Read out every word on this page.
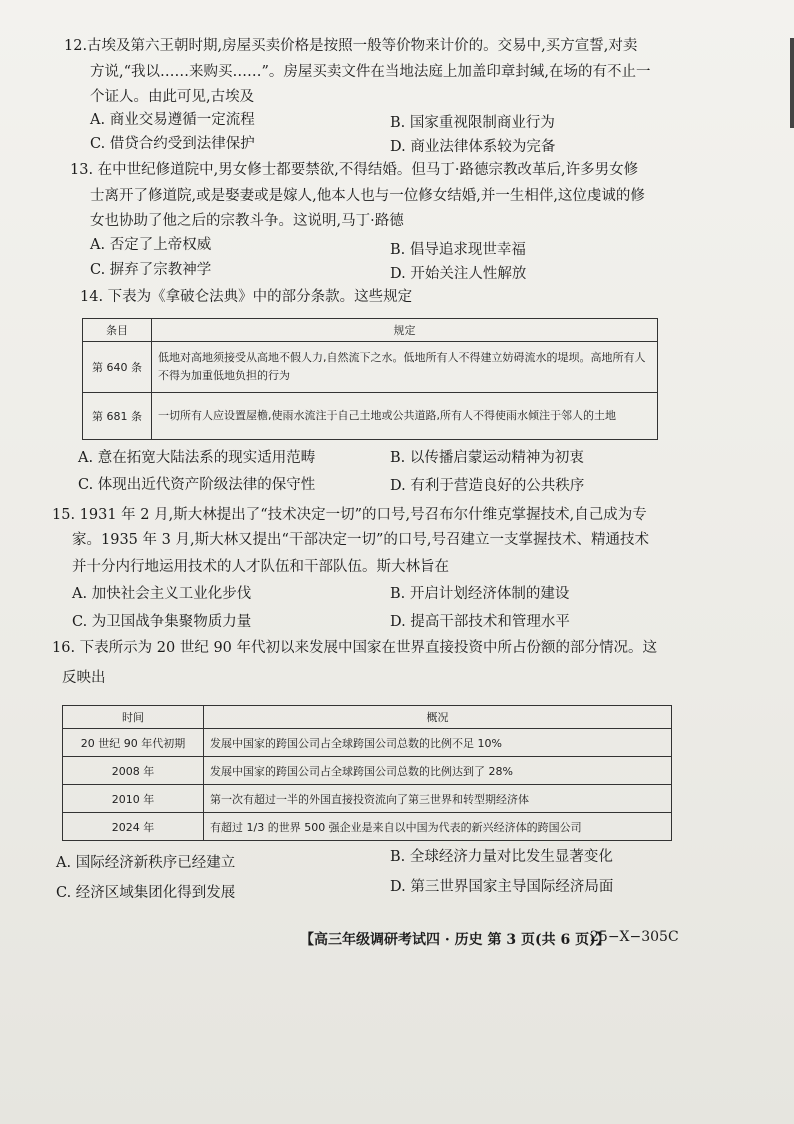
12.古埃及第六王朝时期,房屋买卖价格是按照一般等价物来计价的。交易中,买方宣誓,对卖
方说,“我以……来购买……”。房屋买卖文件在当地法庭上加盖印章封缄,在场的有不止一
个证人。由此可见,古埃及
A. 商业交易遵循一定流程	B. 国家重视限制商业行为
C. 借贷合约受到法律保护	D. 商业法律体系较为完备
13. 在中世纪修道院中,男女修士都要禁欲,不得结婚。但马丁·路德宗教改革后,许多男女修
士离开了修道院,或是娶妻或是嫁人,他本人也与一位修女结婚,并一生相伴,这位虔诚的修
女也协助了他之后的宗教斗争。这说明,马丁·路德
A. 否定了上帝权威	B. 倡导追求现世幸福
C. 摒弃了宗教神学	D. 开始关注人性解放
14. 下表为《拿破仑法典》中的部分条款。这些规定
条目	规定
第 640 条	低地对高地须接受从高地不假人力,自然流下之水。低地所有人不得建立妨碍流水的堤坝。高地所有人不得为加重低地负担的行为
第 681 条	一切所有人应设置屋檐,使雨水流注于自己土地或公共道路,所有人不得使雨水倾注于邻人的土地
A. 意在拓宽大陆法系的现实适用范畴	B. 以传播启蒙运动精神为初衷
C. 体现出近代资产阶级法律的保守性	D. 有利于营造良好的公共秩序
15. 1931 年 2 月,斯大林提出了“技术决定一切”的口号,号召布尔什维克掌握技术,自己成为专
家。1935 年 3 月,斯大林又提出“干部决定一切”的口号,号召建立一支掌握技术、精通技术
并十分内行地运用技术的人才队伍和干部队伍。斯大林旨在
A. 加快社会主义工业化步伐	B. 开启计划经济体制的建设
C. 为卫国战争集聚物质力量	D. 提高干部技术和管理水平
16. 下表所示为 20 世纪 90 年代初以来发展中国家在世界直接投资中所占份额的部分情况。这
反映出
时间	概况
20 世纪 90 年代初期	发展中国家的跨国公司占全球跨国公司总数的比例不足 10%
2008 年	发展中国家的跨国公司占全球跨国公司总数的比例达到了 28%
2010 年	第一次有超过一半的外国直接投资流向了第三世界和转型期经济体
2024 年	有超过 1/3 的世界 500 强企业是来自以中国为代表的新兴经济体的跨国公司
A. 国际经济新秩序已经建立	B. 全球经济力量对比发生显著变化
C. 经济区域集团化得到发展	D. 第三世界国家主导国际经济局面
【高三年级调研考试四 · 历史 第 3 页(共 6 页)】
25−X−305C
